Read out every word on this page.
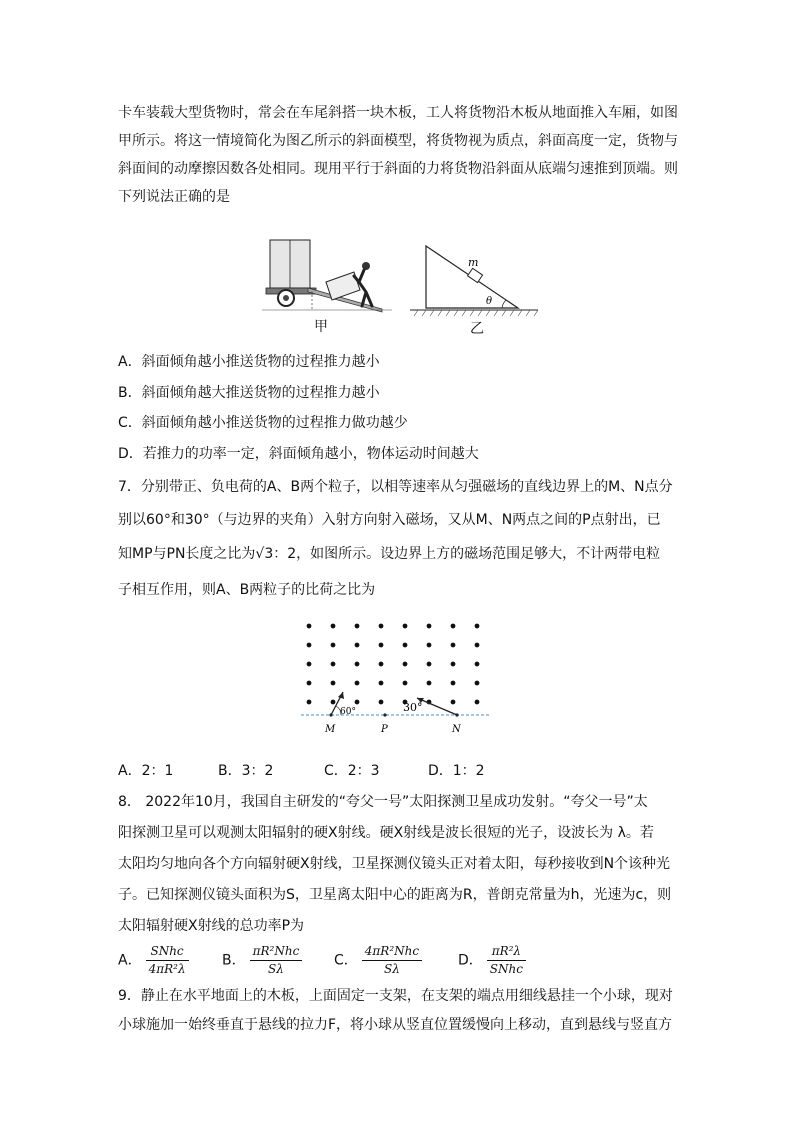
卡车装载大型货物时，常会在车尾斜搭一块木板，工人将货物沿木板从地面推入车厢，如图
甲所示。将这一情境简化为图乙所示的斜面模型，将货物视为质点，斜面高度一定，货物与
斜面间的动摩擦因数各处相同。现用平行于斜面的力将货物沿斜面从底端匀速推到顶端。则
下列说法正确的是
甲
m
θ
乙
A．斜面倾角越小推送货物的过程推力越小
B．斜面倾角越大推送货物的过程推力越小
C．斜面倾角越小推送货物的过程推力做功越少
D．若推力的功率一定，斜面倾角越小，物体运动时间越大
7．分别带正、负电荷的A、B两个粒子，以相等速率从匀强磁场的直线边界上的M、N点分
别以60°和30°（与边界的夹角）入射方向射入磁场，又从M、N两点之间的P点射出，已
知MP与PN长度之比为√3：2，如图所示。设边界上方的磁场范围足够大，不计两带电粒
子相互作用，则A、B两粒子的比荷之比为
60°	30°
M	P	N
A．2：1	B．3：2	C．2：3	D．1：2
8． 2022年10月，我国自主研发的“夸父一号”太阳探测卫星成功发射。“夸父一号”太
阳探测卫星可以观测太阳辐射的硬X射线。硬X射线是波长很短的光子，设波长为 λ。若
太阳均匀地向各个方向辐射硬X射线，卫星探测仪镜头正对着太阳，每秒接收到N个该种光
子。已知探测仪镜头面积为S，卫星离太阳中心的距离为R，普朗克常量为h，光速为c，则
太阳辐射硬X射线的总功率P为
A． $\frac{\text{SNhc}}{\text{4πR²λ}}$ B． $\frac{\text{πR²Nhc}}{S\lambda}$ C． $\frac{\text{4πR²Nhc}}{S\lambda}$	D． $\frac{\text{πR²λ}}{\text{SNhc}}$
9．静止在水平地面上的木板，上面固定一支架，在支架的端点用细线悬挂一个小球，现对
小球施加一始终垂直于悬线的拉力F，将小球从竖直位置缓慢向上移动，直到悬线与竖直方
